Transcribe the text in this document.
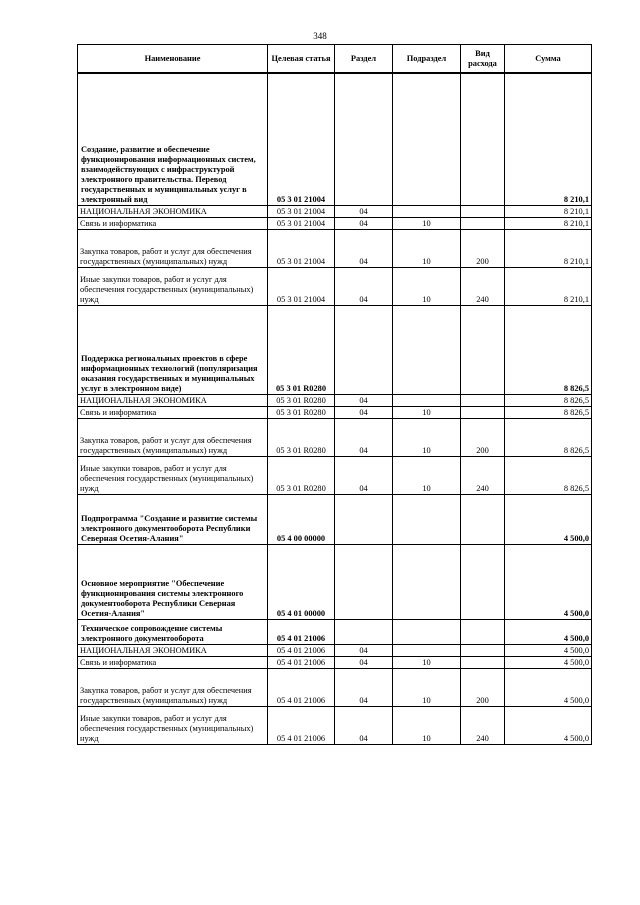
348
Наименование	Целевая статья	Раздел	Подраздел	Вид расхода	Сумма
Создание, развитие и обеспечение функционирования информационных систем, взаимодействующих с инфраструктурой электронного правительства. Перевод государственных и муниципальных услуг в электронный вид	05 3 01 21004				8 210,1
НАЦИОНАЛЬНАЯ ЭКОНОМИКА	05 3 01 21004	04			8 210,1
Связь и информатика	05 3 01 21004	04	10		8 210,1
Закупка товаров, работ и услуг для обеспечения государственных (муниципальных) нужд	05 3 01 21004	04	10	200	8 210,1
Иные закупки товаров, работ и услуг для обеспечения государственных (муниципальных) нужд	05 3 01 21004	04	10	240	8 210,1
Поддержка региональных проектов в сфере информационных технологий (популяризация оказания государственных и муниципальных услуг в электронном виде)	05 3 01 R0280				8 826,5
НАЦИОНАЛЬНАЯ ЭКОНОМИКА	05 3 01 R0280	04			8 826,5
Связь и информатика	05 3 01 R0280	04	10		8 826,5
Закупка товаров, работ и услуг для обеспечения государственных (муниципальных) нужд	05 3 01 R0280	04	10	200	8 826,5
Иные закупки товаров, работ и услуг для обеспечения государственных (муниципальных) нужд	05 3 01 R0280	04	10	240	8 826,5
Подпрограмма "Создание и развитие системы электронного документооборота Республики Северная Осетия-Алания"	05 4 00 00000				4 500,0
Основное мероприятие "Обеспечение функционирования системы электронного документооборота Республики Северная Осетия-Алания"	05 4 01 00000				4 500,0
Техническое сопровождение системы электронного документооборота	05 4 01 21006				4 500,0
НАЦИОНАЛЬНАЯ ЭКОНОМИКА	05 4 01 21006	04			4 500,0
Связь и информатика	05 4 01 21006	04	10		4 500,0
Закупка товаров, работ и услуг для обеспечения государственных (муниципальных) нужд	05 4 01 21006	04	10	200	4 500,0
Иные закупки товаров, работ и услуг для обеспечения государственных (муниципальных) нужд	05 4 01 21006	04	10	240	4 500,0
